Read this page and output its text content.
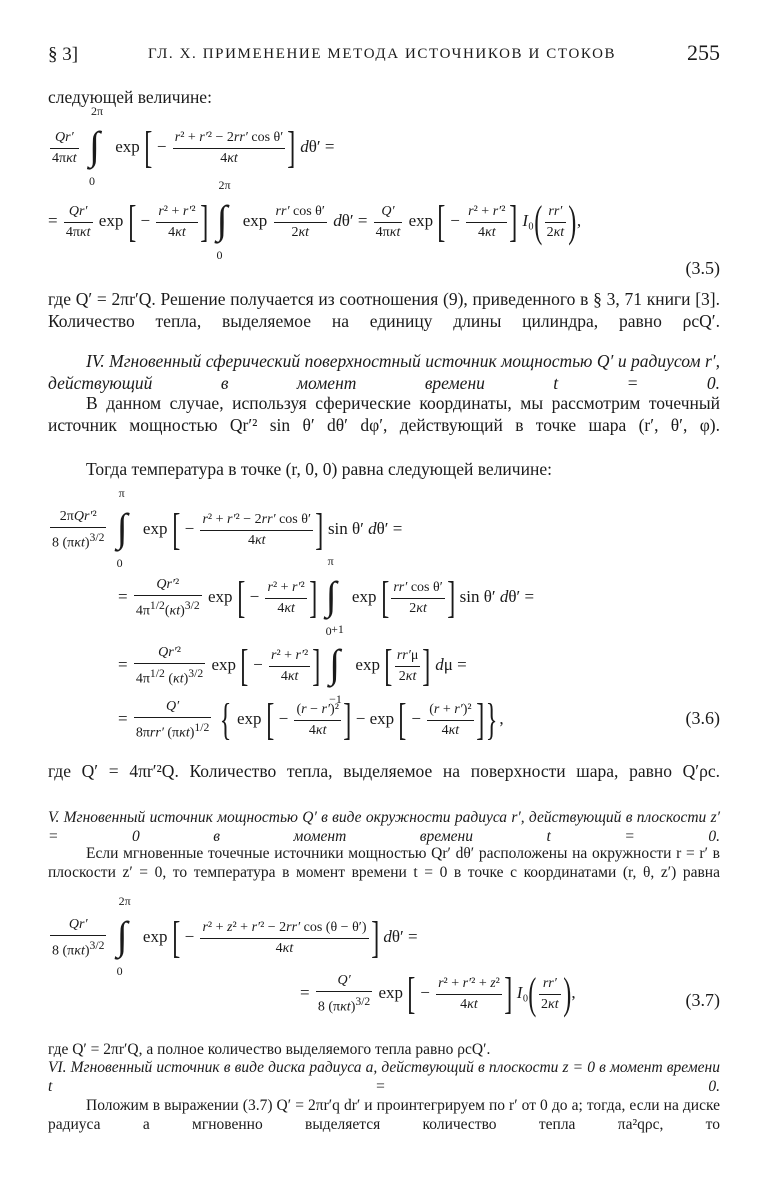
§ 3]	ГЛ. X. ПРИМЕНЕНИЕ МЕТОДА ИСТОЧНИКОВ И СТОКОВ	255
следующей величине:
$\frac{Qr'}{\text{4πκt}}$

2π
∫
0
exp [ − $\frac{\text{r² + r′² − 2rr′ cos θ′}}{4\kappa t}$ ] dθ′ =
= $\frac{Qr'}{\text{4πκt}}$ exp [ − $\frac{\text{r² + r′²}}{4\kappa t}$ ]
2π
∫
0
$\exp \frac{\text{rr′ cos θ′}}{2\kappa t} d\theta' = \frac{Q'}{\text{4πκt}}$ exp [ − $\frac{\text{r² + r′²}}{4\kappa t}$ ] $I_0( \frac{rr'}{2\kappa t}$ ),
(3.5)
где Q′ = 2πr′Q. Решение получается из соотношения (9), приведенного в § 3, 71 книги [3]. Количество тепла, выделяемое на единицу длины цилиндра, равно ρcQ′.
IV. Мгновенный сферический поверхностный источник мощностью Q′ и радиусом r′, действующий в момент времени t = 0.
В данном случае, используя сферические координаты, мы рассмотрим точечный источник мощностью Qr′² sin θ′ dθ′ dφ′, действующий в точке шара (r′, θ′, φ).
Тогда температура в точке (r, 0, 0) равна следующей величине:
$\frac{\text{2πQr′²}}{8 (\pi\kappa t)^{3/2}}$

π
∫
0
exp [ − $\frac{\text{r² + r′² − 2rr′ cos θ′}}{4\kappa t}$ ] sin θ′ dθ′ =
= $\frac{\text{Qr′²}}{4\pi^{1/2}(\kappa t)^{3/2}}$ exp [ − $\frac{\text{r² + r′²}}{4\kappa t}$ ]
π
∫
0
exp [ $\frac{\text{rr′ cos θ′}}{2\kappa t}$ ] sin θ′ dθ′ =
= $\frac{\text{Qr′²}}{4\pi^{1/2} (\kappa t)^{3/2}}$ exp [ − $\frac{\text{r² + r′²}}{4\kappa t}$ ]
+1
∫
−1
exp [ $\frac{rr'\mu}{2\kappa t}$ ] dμ =
= $\frac{Q'}{8\pi rr' (\pi\kappa t)^{1/2}}$ { exp [ − $\frac{\text{(r − r′)²}}{4\kappa t}$ ] − exp [ − $\frac{\text{(r + r′)²}}{4\kappa t}$ ]} ,	(3.6)
где Q′ = 4πr′²Q. Количество тепла, выделяемое на поверхности шара, равно Q′ρc.
V. Мгновенный источник мощностью Q′ в виде окружности радиуса r′, действующий в плоскости z′ = 0 в момент времени t = 0.
Если мгновенные точечные источники мощностью Qr′ dθ′ расположены на окружности r = r′ в плоскости z′ = 0, то температура в момент времени t = 0 в точке с координатами (r, θ, z′) равна
$\frac{Qr'}{8 (\pi\kappa t)^{3/2}}$

2π
∫
0
exp [ − $\frac{\text{r² + z² + r′² − 2rr′ cos (θ − θ′)}}{4\kappa t}$ ] dθ′ =
= $\frac{Q'}{8 (\pi\kappa t)^{3/2}}$ exp [ − $\frac{\text{r² + r′² + z²}}{4\kappa t}$ ] $I_0( \frac{rr'}{2\kappa t}$ ),	(3.7)
где Q′ = 2πr′Q, а полное количество выделяемого тепла равно ρcQ′.
VI. Мгновенный источник в виде диска радиуса a, действующий в плоскости z = 0 в момент времени t = 0.
Положим в выражении (3.7) Q′ = 2πr′q dr′ и проинтегрируем по r′ от 0 до a; тогда, если на диске радиуса a мгновенно выделяется количество тепла πa²qρc, то
